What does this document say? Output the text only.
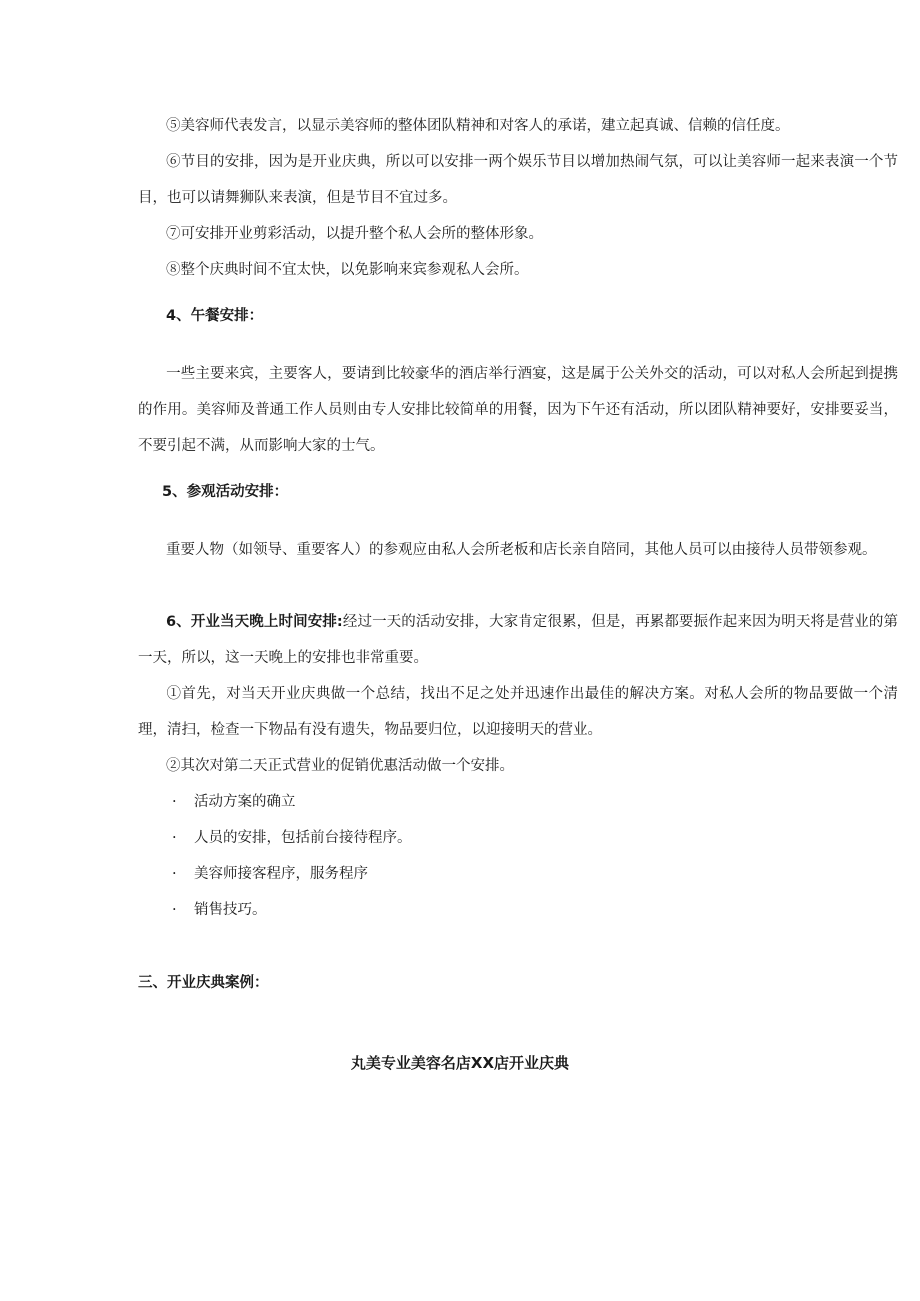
⑤美容师代表发言，以显示美容师的整体团队精神和对客人的承诺，建立起真诚、信赖的信任度。

⑥节目的安排，因为是开业庆典，所以可以安排一两个娱乐节目以增加热闹气氛，可以让美容师一起来表演一个节目，也可以请舞狮队来表演，但是节目不宜过多。

⑦可安排开业剪彩活动，以提升整个私人会所的整体形象。

⑧整个庆典时间不宜太快，以免影响来宾参观私人会所。

4、午餐安排：

一些主要来宾，主要客人，要请到比较豪华的酒店举行酒宴，这是属于公关外交的活动，可以对私人会所起到提携的作用。美容师及普通工作人员则由专人安排比较简单的用餐，因为下午还有活动，所以团队精神要好，安排要妥当，不要引起不满，从而影响大家的士气。

5、参观活动安排：

重要人物（如领导、重要客人）的参观应由私人会所老板和店长亲自陪同，其他人员可以由接待人员带领参观。

6、开业当天晚上时间安排:经过一天的活动安排，大家肯定很累，但是，再累都要振作起来因为明天将是营业的第一天，所以，这一天晚上的安排也非常重要。

①首先，对当天开业庆典做一个总结，找出不足之处并迅速作出最佳的解决方案。对私人会所的物品要做一个清理，清扫，检查一下物品有没有遗失，物品要归位，以迎接明天的营业。

②其次对第二天正式营业的促销优惠活动做一个安排。

· 活动方案的确立
· 人员的安排，包括前台接待程序。
· 美容师接客程序，服务程序
· 销售技巧。

三、开业庆典案例：

丸美专业美容名店XX店开业庆典
